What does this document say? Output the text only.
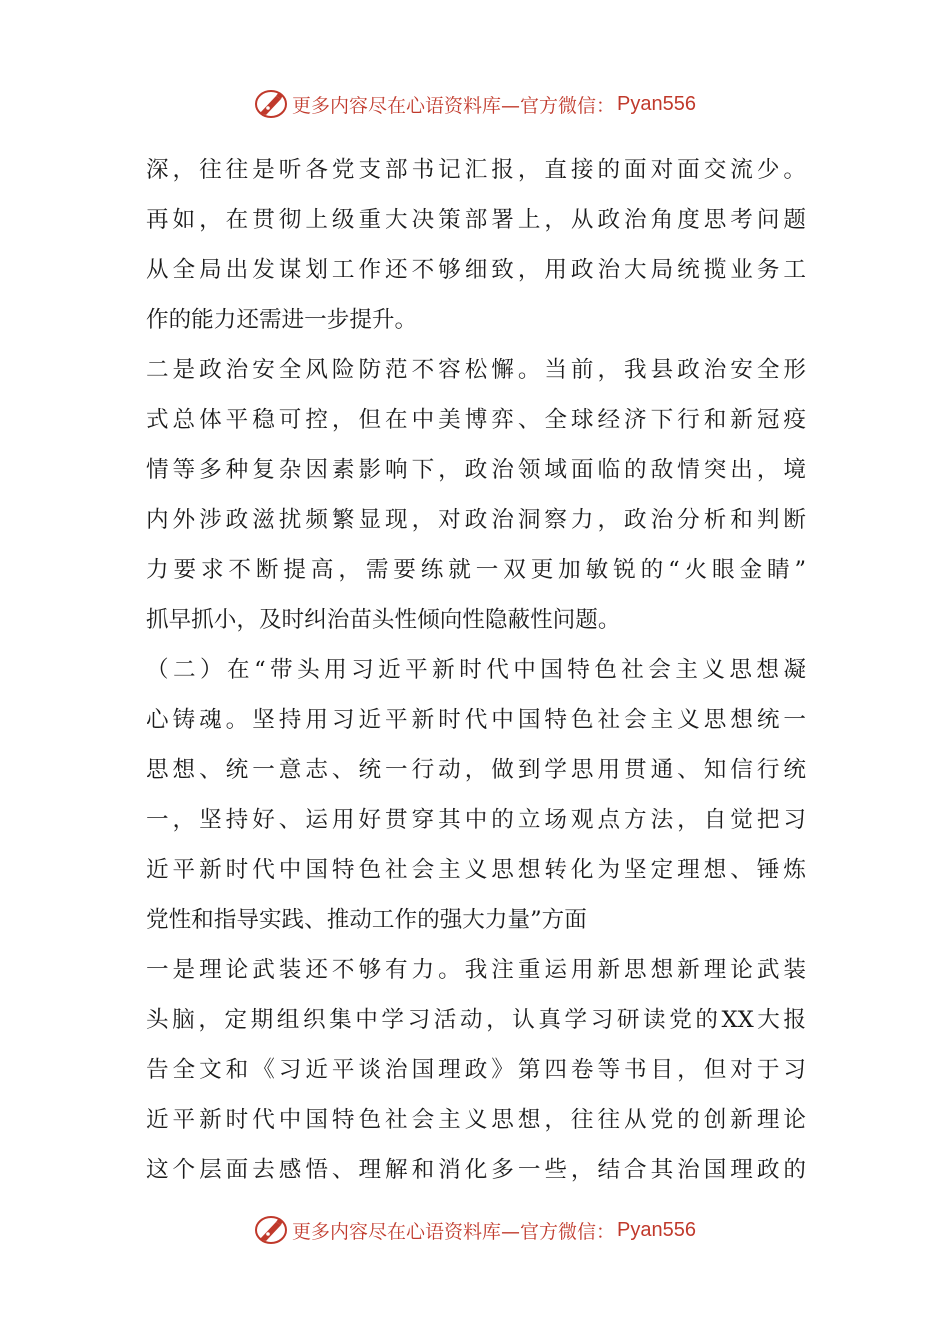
更多内容尽在心语资料库—官方微信： Pyan556
深，往往是听各党支部书记汇报，直接的面对面交流少。
再如，在贯彻上级重大决策部署上，从政治角度思考问题
从全局出发谋划工作还不够细致，用政治大局统揽业务工
作的能力还需进一步提升。
二是政治安全风险防范不容松懈。当前，我县政治安全形
式总体平稳可控，但在中美博弈、全球经济下行和新冠疫
情等多种复杂因素影响下，政治领域面临的敌情突出，境
内外涉政滋扰频繁显现，对政治洞察力，政治分析和判断
力要求不断提高，需要练就一双更加敏锐的“火眼金睛”
抓早抓小，及时纠治苗头性倾向性隐蔽性问题。
（二）在“带头用习近平新时代中国特色社会主义思想凝
心铸魂。坚持用习近平新时代中国特色社会主义思想统一
思想、统一意志、统一行动，做到学思用贯通、知信行统
一，坚持好、运用好贯穿其中的立场观点方法，自觉把习
近平新时代中国特色社会主义思想转化为坚定理想、锤炼
党性和指导实践、推动工作的强大力量”方面
一是理论武装还不够有力。我注重运用新思想新理论武装
头脑，定期组织集中学习活动，认真学习研读党的XX大报
告全文和《习近平谈治国理政》第四卷等书目，但对于习
近平新时代中国特色社会主义思想，往往从党的创新理论
这个层面去感悟、理解和消化多一些，结合其治国理政的
更多内容尽在心语资料库—官方微信： Pyan556
